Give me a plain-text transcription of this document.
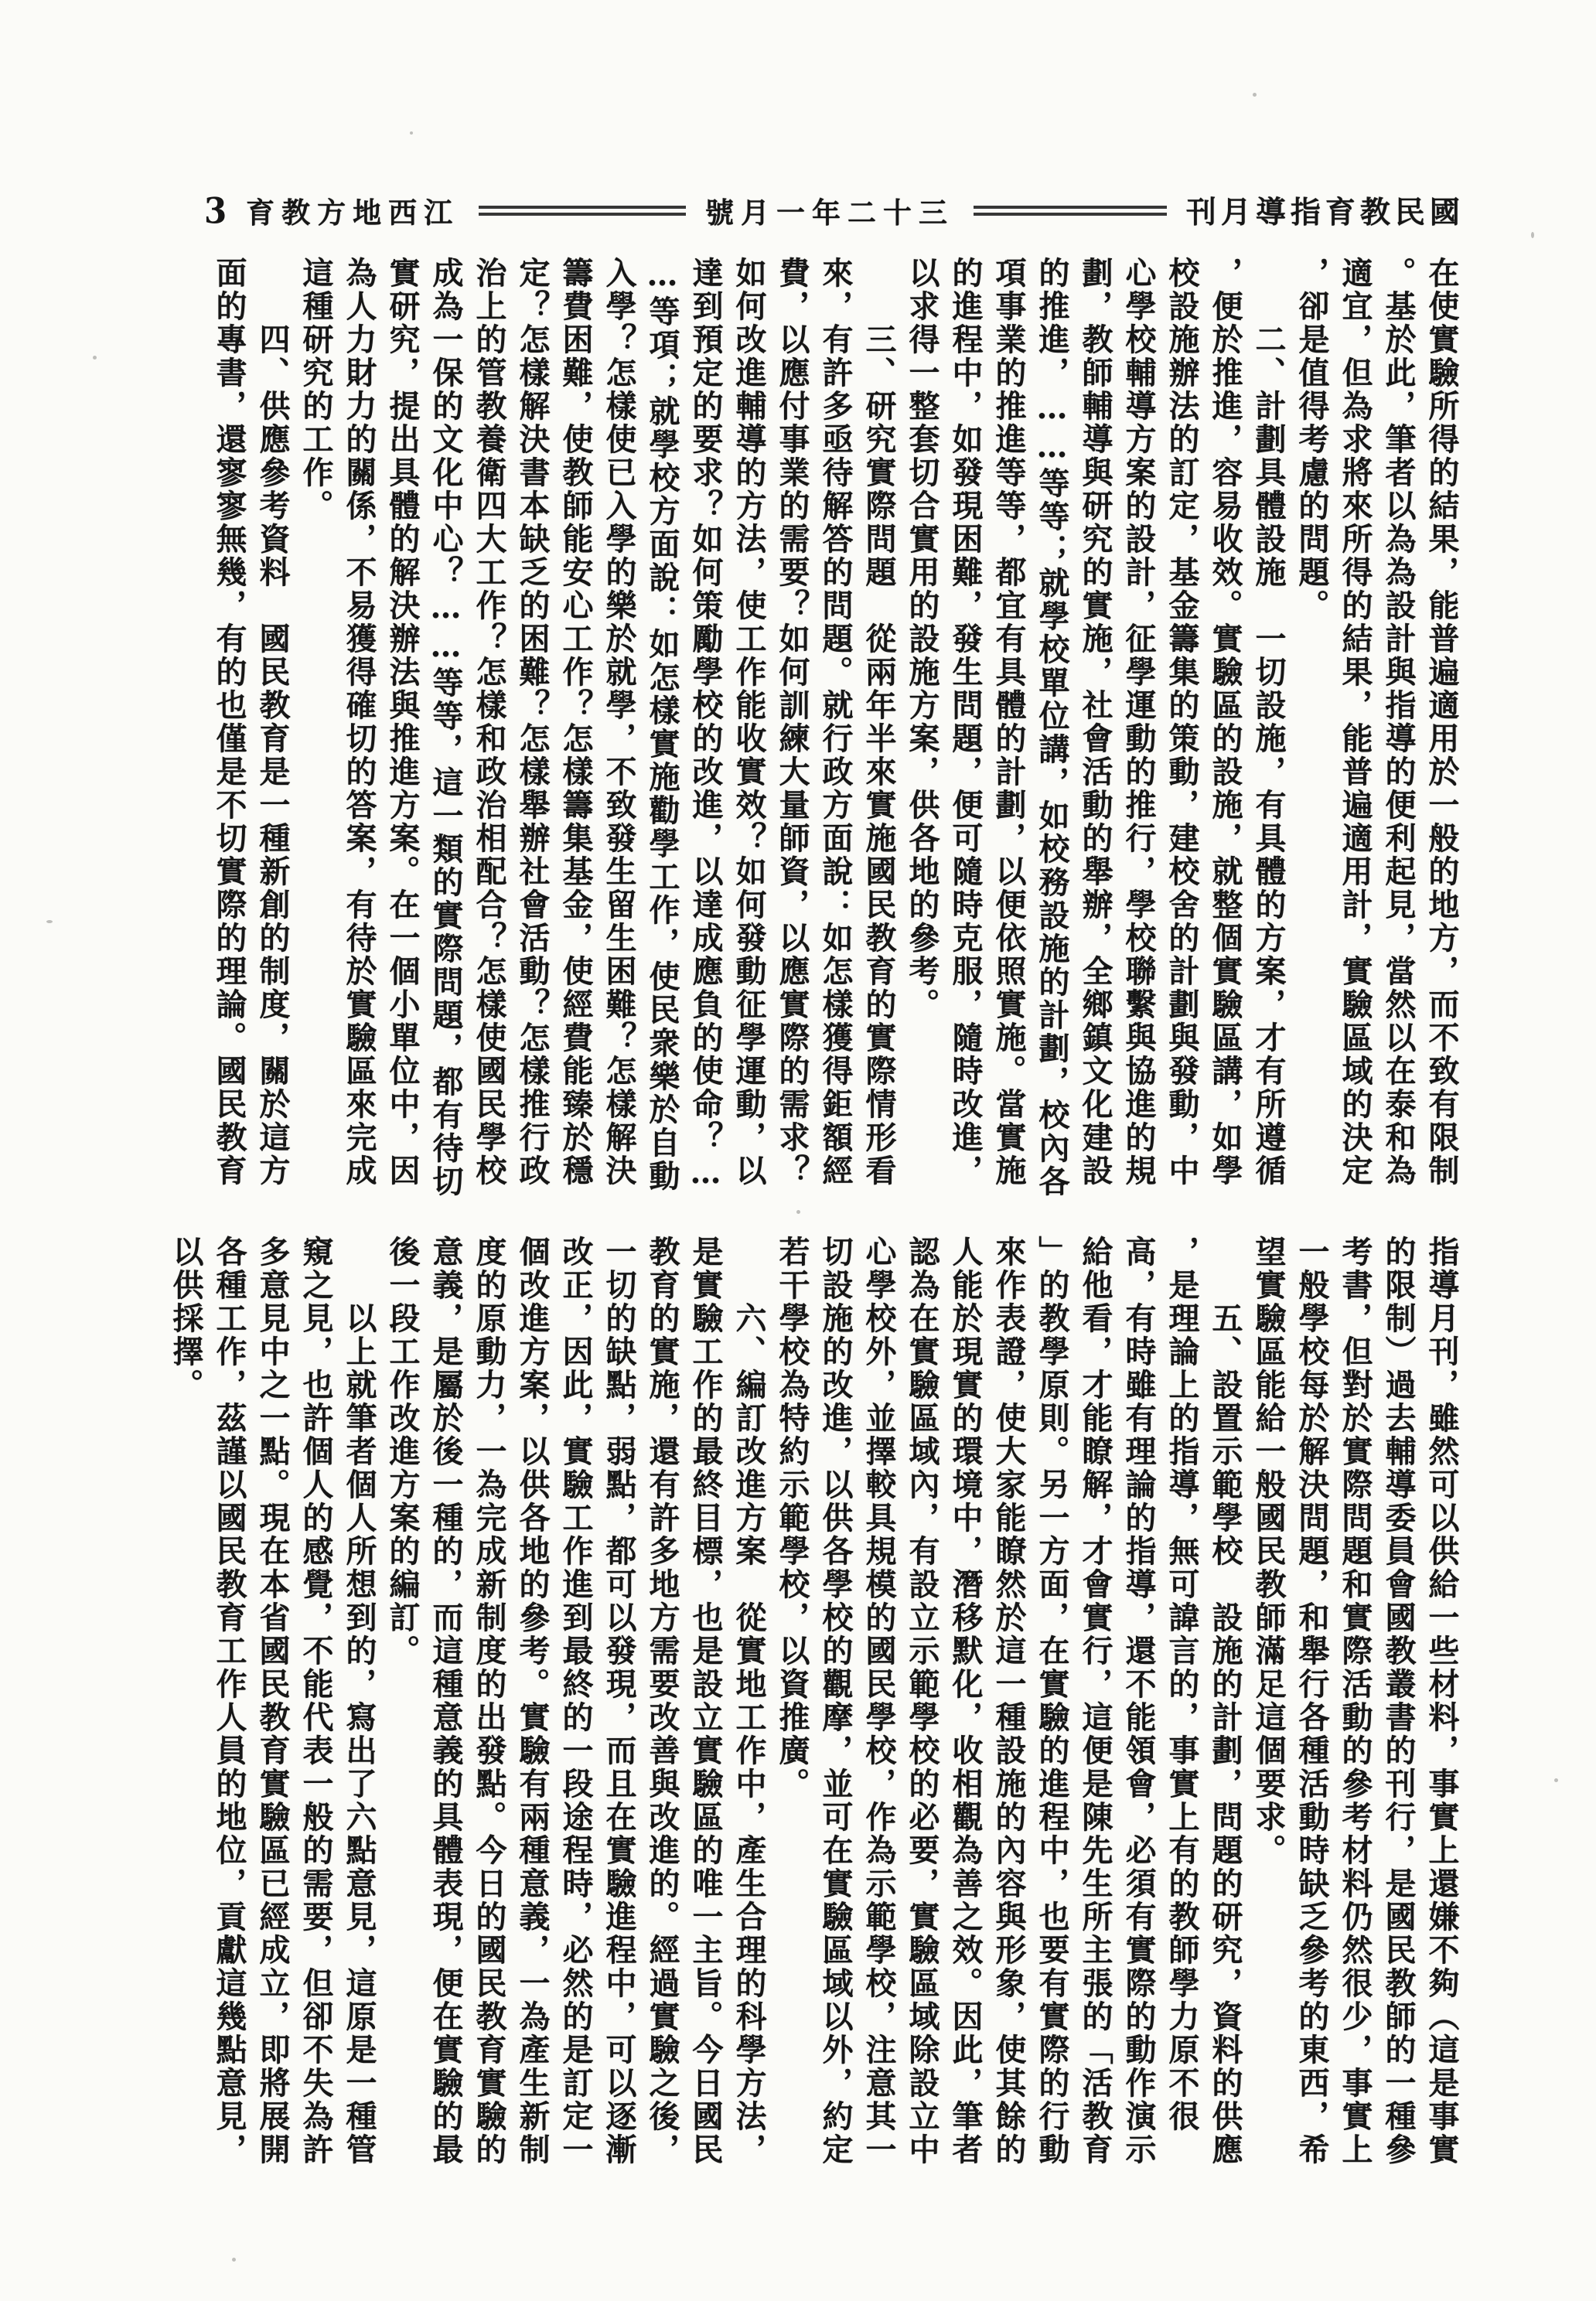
3 育教方地西江	號月一年二十三	刊月導指育教民國
在使實驗所得的結果，能普遍適用於一般的地方，而不致有限制
。基於此，筆者以為為設計與指導的便利起見，當然以在泰和為
適宜，但為求將來所得的結果，能普遍適用計，實驗區域的決定
，卻是值得考慮的問題。
　　二、計劃具體設施　一切設施，有具體的方案，才有所遵循
，便於推進，容易收效。實驗區的設施，就整個實驗區講，如學
校設施辦法的訂定，基金籌集的策動，建校舍的計劃與發動，中
心學校輔導方案的設計，征學運動的推行，學校聯繫與協進的規
劃，教師輔導與研究的實施，社會活動的舉辦，全鄉鎮文化建設
的推進，……等等；就學校單位講，如校務設施的計劃，校內各
項事業的推進等等，都宜有具體的計劃，以便依照實施。當實施
的進程中，如發現困難，發生問題，便可隨時克服，隨時改進，
以求得一整套切合實用的設施方案，供各地的參考。
　　三、研究實際問題　從兩年半來實施國民教育的實際情形看
來，有許多亟待解答的問題。就行政方面說：如怎樣獲得鉅額經
費，以應付事業的需要？如何訓練大量師資，以應實際的需求？
如何改進輔導的方法，使工作能收實效？如何發動征學運動，以
達到預定的要求？如何策勵學校的改進，以達成應負的使命？…
…等項；就學校方面說：如怎樣實施勸學工作，使民衆樂於自動
入學？怎樣使已入學的樂於就學，不致發生留生困難？怎樣解決
籌費困難，使教師能安心工作？怎樣籌集基金，使經費能臻於穩
定？怎樣解決書本缺乏的困難？怎樣舉辦社會活動？怎樣推行政
治上的管教養衛四大工作？怎樣和政治相配合？怎樣使國民學校
成為一保的文化中心？……等等，這一類的實際問題，都有待切
實研究，提出具體的解決辦法與推進方案。在一個小單位中，因
為人力財力的關係，不易獲得確切的答案，有待於實驗區來完成
這種研究的工作。
　　四、供應參考資料　國民教育是一種新創的制度，關於這方
面的專書，還寥寥無幾，有的也僅是不切實際的理論。國民教育
指導月刊，雖然可以供給一些材料，事實上還嫌不夠（這是事實
的限制）過去輔導委員會國教叢書的刊行，是國民教師的一種參
考書，但對於實際問題和實際活動的參考材料仍然很少，事實上
一般學校每於解決問題，和舉行各種活動時缺乏參考的東西，希
望實驗區能給一般國民教師滿足這個要求。
　　五、設置示範學校　設施的計劃，問題的研究，資料的供應
，是理論上的指導，無可諱言的，事實上有的教師學力原不很
高，有時雖有理論的指導，還不能領會，必須有實際的動作演示
給他看，才能瞭解，才會實行，這便是陳先生所主張的「活教育
」的教學原則。另一方面，在實驗的進程中，也要有實際的行動
來作表證，使大家能瞭然於這一種設施的內容與形象，使其餘的
人能於現實的環境中，潛移默化，收相觀為善之效。因此，筆者
認為在實驗區域內，有設立示範學校的必要，實驗區域除設立中
心學校外，並擇較具規模的國民學校，作為示範學校，注意其一
切設施的改進，以供各學校的觀摩，並可在實驗區域以外，約定
若干學校為特約示範學校，以資推廣。
　　六、編訂改進方案　從實地工作中，產生合理的科學方法，
是實驗工作的最終目標，也是設立實驗區的唯一主旨。今日國民
教育的實施，還有許多地方需要改善與改進的。經過實驗之後，
一切的缺點，弱點，都可以發現，而且在實驗進程中，可以逐漸
改正，因此，實驗工作進到最終的一段途程時，必然的是訂定一
個改進方案，以供各地的參考。實驗有兩種意義，一為產生新制
度的原動力，一為完成新制度的出發點。今日的國民教育實驗的
意義，是屬於後一種的，而這種意義的具體表現，便在實驗的最
後一段工作改進方案的編訂。
　　以上就筆者個人所想到的，寫出了六點意見，這原是一種管
窺之見，也許個人的感覺，不能代表一般的需要，但卻不失為許
多意見中之一點。現在本省國民教育實驗區已經成立，即將展開
各種工作，茲謹以國民教育工作人員的地位，貢獻這幾點意見，
以供採擇。
